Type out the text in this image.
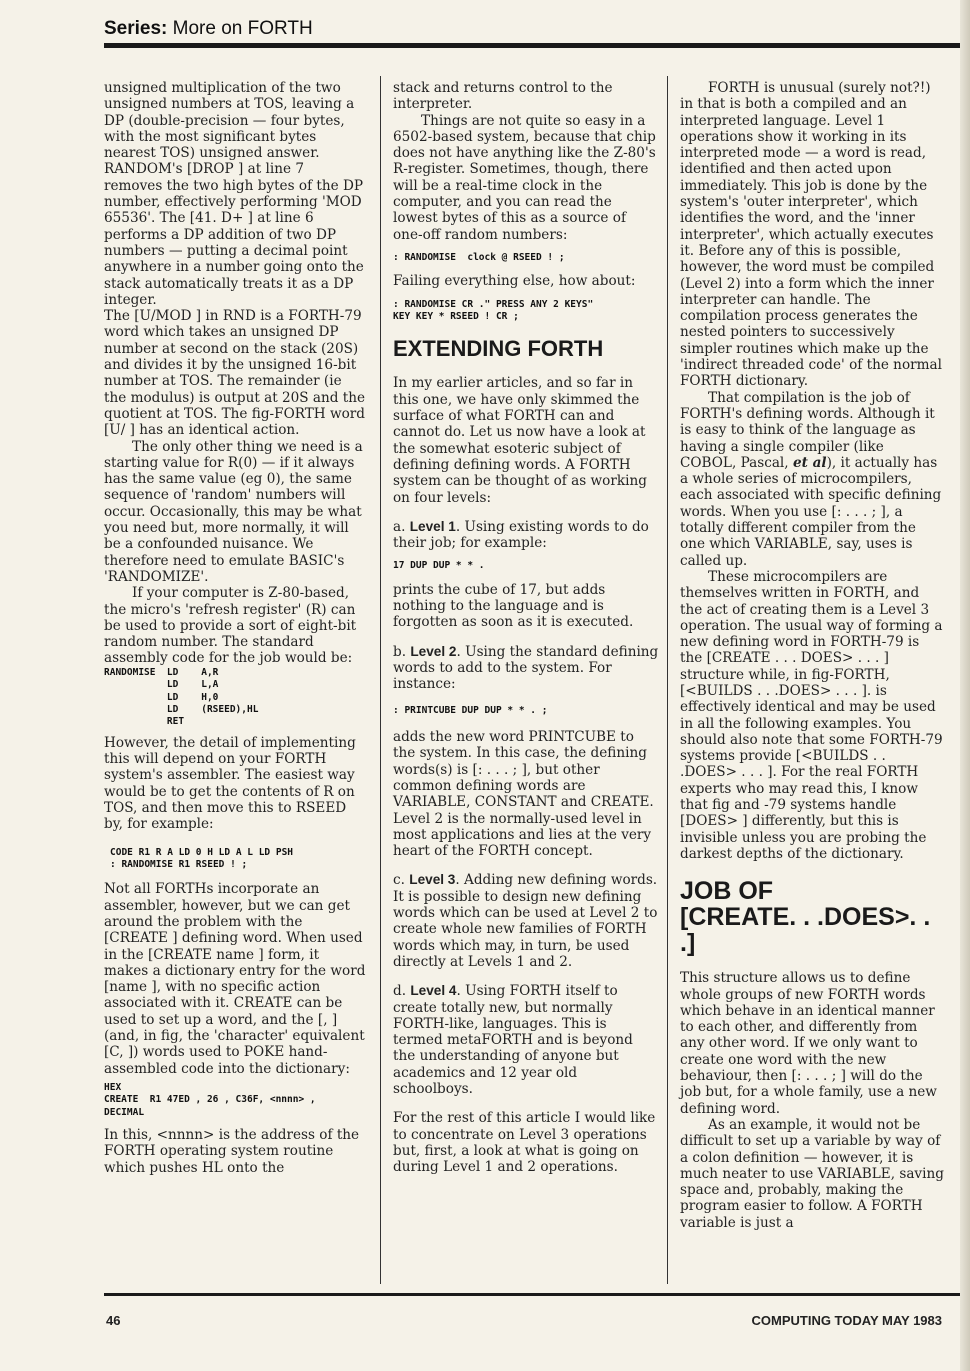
Series: More on FORTH

unsigned multiplication of the two unsigned numbers at TOS, leaving a DP (double-precision — four bytes, with the most significant bytes nearest TOS) unsigned answer. RANDOM's [DROP ] at line 7 removes the two high bytes of the DP number, effectively performing 'MOD 65536'. The [41. D+ ] at line 6 performs a DP addition of two DP numbers — putting a decimal point anywhere in a number going onto the stack automatically treats it as a DP integer.

The [U/MOD ] in RND is a FORTH-79 word which takes an unsigned DP number at second on the stack (20S) and divides it by the unsigned 16-bit number at TOS. The remainder (ie the modulus) is output at 20S and the quotient at TOS. The fig-FORTH word [U/ ] has an identical action.

The only other thing we need is a starting value for R(0) — if it always has the same value (eg 0), the same sequence of 'random' numbers will occur. Occasionally, this may be what you need but, more normally, it will be a confounded nuisance. We therefore need to emulate BASIC's 'RANDOMIZE'.

If your computer is Z-80-based, the micro's 'refresh register' (R) can be used to provide a sort of eight-bit random number. The standard assembly code for the job would be:

RANDOMISE  LD    A,R
LD    L,A
LD    H,0
LD    (RSEED),HL
RET

However, the detail of implementing this will depend on your FORTH system's assembler. The easiest way would be to get the contents of R on TOS, and then move this to RSEED by, for example:

CODE R1 R A LD 0 H LD A L LD PSH
: RANDOMISE R1 RSEED ! ;

Not all FORTHs incorporate an assembler, however, but we can get around the problem with the [CREATE ] defining word. When used in the [CREATE name ] form, it makes a dictionary entry for the word [name ], with no specific action associated with it. CREATE can be used to set up a word, and the [, ] (and, in fig, the 'character' equivalent [C, ]) words used to POKE hand-assembled code into the dictionary:

HEX
CREATE  R1 47ED , 26 , C36F, <nnnn> ,
DECIMAL

In this, <nnnn> is the address of the FORTH operating system routine which pushes HL onto the

stack and returns control to the interpreter.

Things are not quite so easy in a 6502-based system, because that chip does not have anything like the Z-80's R-register. Sometimes, though, there will be a real-time clock in the computer, and you can read the lowest bytes of this as a source of one-off random numbers:

: RANDOMISE  clock @ RSEED ! ;

Failing everything else, how about:

: RANDOMISE CR ." PRESS ANY 2 KEYS"
KEY KEY * RSEED ! CR ;
EXTENDING FORTH

In my earlier articles, and so far in this one, we have only skimmed the surface of what FORTH can and cannot do. Let us now have a look at the somewhat esoteric subject of defining defining words. A FORTH system can be thought of as working on four levels:

a. Level 1. Using existing words to do their job; for example:

17 DUP DUP * * .

prints the cube of 17, but adds nothing to the language and is forgotten as soon as it is executed.

b. Level 2. Using the standard defining words to add to the system. For instance:

: PRINTCUBE DUP DUP * * . ;

adds the new word PRINTCUBE to the system. In this case, the defining words(s) is [: . . . ; ], but other common defining words are VARIABLE, CONSTANT and CREATE. Level 2 is the normally-used level in most applications and lies at the very heart of the FORTH concept.

c. Level 3. Adding new defining words. It is possible to design new defining words which can be used at Level 2 to create whole new families of FORTH words which may, in turn, be used directly at Levels 1 and 2.

d. Level 4. Using FORTH itself to create totally new, but normally FORTH-like, languages. This is termed metaFORTH and is beyond the understanding of anyone but academics and 12 year old schoolboys.

For the rest of this article I would like to concentrate on Level 3 operations but, first, a look at what is going on during Level 1 and 2 operations.

FORTH is unusual (surely not?!) in that is both a compiled and an interpreted language. Level 1 operations show it working in its interpreted mode — a word is read, identified and then acted upon immediately. This job is done by the system's 'outer interpreter', which identifies the word, and the 'inner interpreter', which actually executes it. Before any of this is possible, however, the word must be compiled (Level 2) into a form which the inner interpreter can handle. The compilation process generates the nested pointers to successively simpler routines which make up the 'indirect threaded code' of the normal FORTH dictionary.

That compilation is the job of FORTH's defining words. Although it is easy to think of the language as having a single compiler (like COBOL, Pascal, et al), it actually has a whole series of microcompilers, each associated with specific defining words. When you use [: . . . ; ], a totally different compiler from the one which VARIABLE, say, uses is called up.

These microcompilers are themselves written in FORTH, and the act of creating them is a Level 3 operation. The usual way of forming a new defining word in FORTH-79 is the [CREATE . . . DOES> . . . ] structure while, in fig-FORTH, [<BUILDS . . .DOES> . . . ]. is effectively identical and may be used in all the following examples. You should also note that some FORTH-79 systems provide [<BUILDS . . .DOES> . . . ]. For the real FORTH experts who may read this, I know that fig and -79 systems handle [DOES> ] differently, but this is invisible unless you are probing the darkest depths of the dictionary.

JOB OF
[CREATE. . .DOES>. . .]

This structure allows us to define whole groups of new FORTH words which behave in an identical manner to each other, and differently from any other word. If we only want to create one word with the new behaviour, then [: . . . ; ] will do the job but, for a whole family, use a new defining word.

As an example, it would not be difficult to set up a variable by way of a colon definition — however, it is much neater to use VARIABLE, saving space and, probably, making the program easier to follow. A FORTH variable is just a

46	COMPUTING TODAY MAY 1983
